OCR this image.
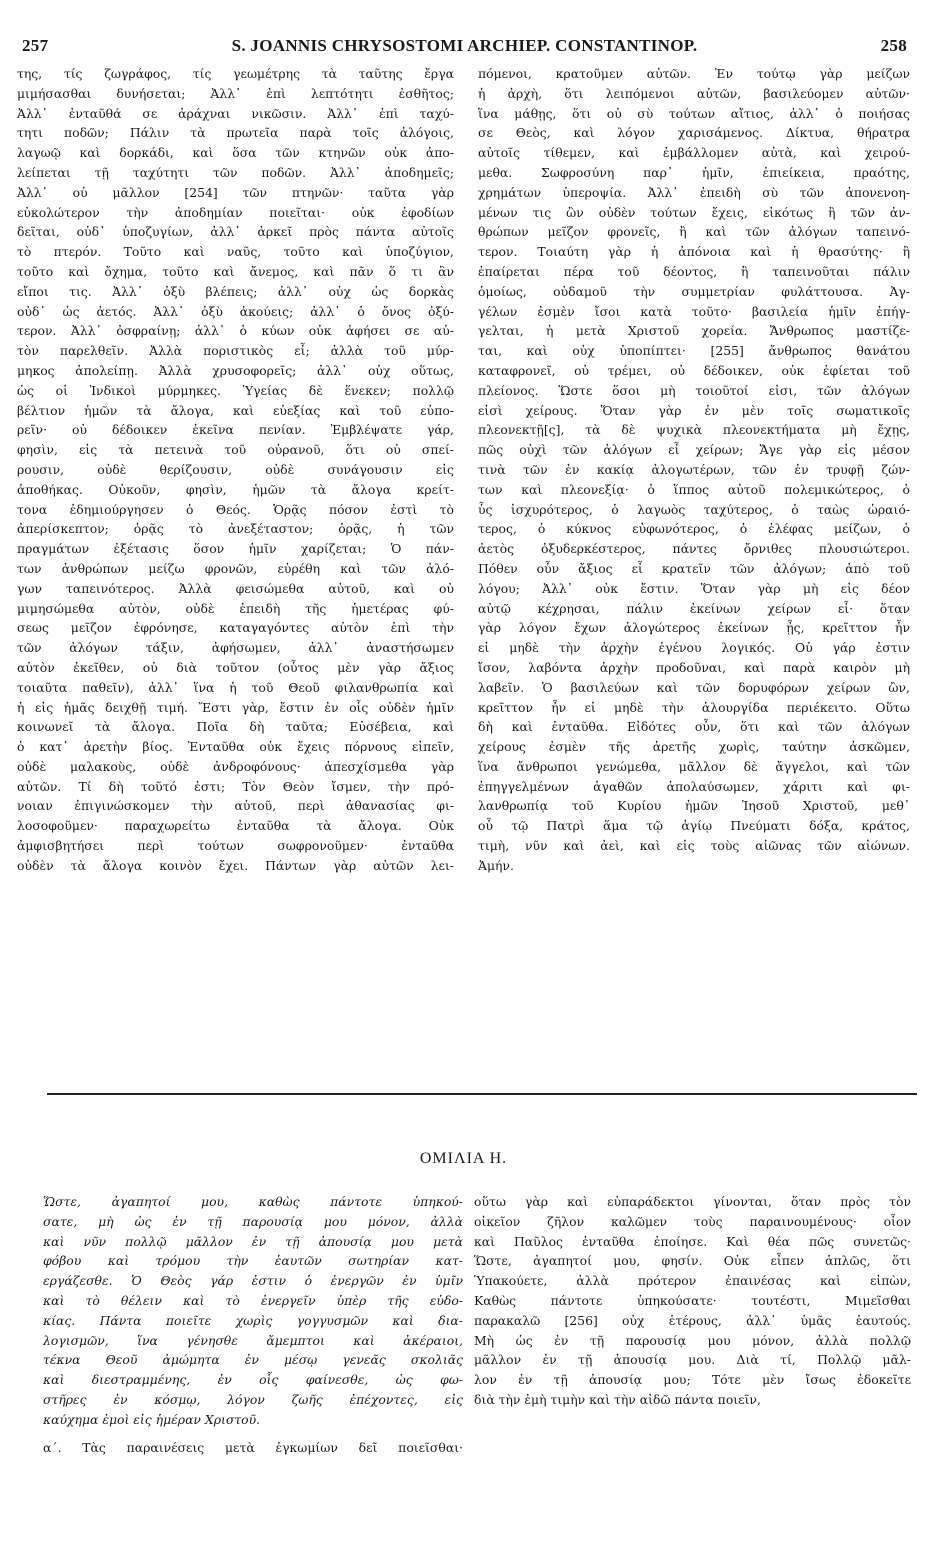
257	S. JOANNIS CHRYSOSTOMI ARCHIEP. CONSTANTINOP.	258
της, τίς ζωγράφος, τίς γεωμέτρης τὰ ταῦτης ἔργα
μιμήσασθαι δυνήσεται; Ἀλλ᾽ ἐπὶ λεπτότητι ἐσθῆτος;
Ἀλλ᾽ ἐνταῦθά σε ἀράχναι νικῶσιν. Ἀλλ᾽ ἐπὶ ταχύ-
τητι ποδῶν; Πάλιν τὰ πρωτεῖα παρὰ τοῖς ἀλόγοις,
λαγωῷ καὶ δορκάδι, καὶ ὅσα τῶν κτηνῶν οὐκ ἀπο-
λείπεται τῇ ταχύτητι τῶν ποδῶν. Ἀλλ᾽ ἀποδημεῖς;
Ἀλλ᾽ οὐ μᾶλλον [254] τῶν πτηνῶν· ταῦτα γὰρ
εὐκολώτερον τὴν ἀποδημίαν ποιεῖται· οὐκ ἐφοδίων
δεῖται, οὐδ᾽ ὑποζυγίων, ἀλλ᾽ ἀρκεῖ πρὸς πάντα αὐτοῖς
τὸ πτερόν. Τοῦτο καὶ ναῦς, τοῦτο καὶ ὑποζύγιον,
τοῦτο καὶ ὄχημα, τοῦτο καὶ ἄνεμος, καὶ πᾶν ὅ τι ἂν
εἴποι τις. Ἀλλ᾽ ὀξὺ βλέπεις; ἀλλ᾽ οὐχ ὡς δορκὰς
οὐδ᾽ ὡς ἀετός. Ἀλλ᾽ ὀξὺ ἀκούεις; ἀλλ᾽ ὁ ὄνος ὀξύ-
τερον. Ἀλλ᾽ ὀσφραίνῃ; ἀλλ᾽ ὁ κύων οὐκ ἀφήσει σε αὐ-
τὸν παρελθεῖν. Ἀλλὰ ποριστικὸς εἶ; ἀλλὰ τοῦ μύρ-
μηκος ἀπολείπῃ. Ἀλλὰ χρυσοφορεῖς; ἀλλ᾽ οὐχ οὕτως,
ὡς οἱ Ἰνδικοὶ μύρμηκες. Ὑγείας δὲ ἕνεκεν; πολλῷ
βέλτιον ἡμῶν τὰ ἄλογα, καὶ εὐεξίας καὶ τοῦ εὐπο-
ρεῖν· οὐ δέδοικεν ἐκεῖνα πενίαν. Ἐμβλέψατε γάρ,
φησὶν, εἰς τὰ πετεινὰ τοῦ οὐρανοῦ, ὅτι οὐ σπεί-
ρουσιν, οὐδὲ θερίζουσιν, οὐδὲ συνάγουσιν εἰς
ἀποθήκας. Οὐκοῦν, φησὶν, ἡμῶν τὰ ἄλογα κρείτ-
τονα ἐδημιούργησεν ὁ Θεός. Ὁρᾷς πόσον ἐστὶ τὸ
ἀπερίσκεπτον; ὁρᾷς τὸ ἀνεξέταστον; ὁρᾷς, ἡ τῶν
πραγμάτων ἐξέτασις ὅσον ἡμῖν χαρίζεται; Ὁ πάν-
των ἀνθρώπων μείζω φρονῶν, εὑρέθη καὶ τῶν ἀλό-
γων ταπεινότερος. Ἀλλὰ φεισώμεθα αὐτοῦ, καὶ οὐ
μιμησώμεθα αὐτὸν, οὐδὲ ἐπειδὴ τῆς ἡμετέρας φύ-
σεως μεῖζον ἐφρόνησε, καταγαγόντες αὐτὸν ἐπὶ τὴν
τῶν ἀλόγων τάξιν, ἀφήσωμεν, ἀλλ᾽ ἀναστήσωμεν
αὐτὸν ἐκεῖθεν, οὐ διὰ τοῦτον (οὗτος μὲν γὰρ ἄξιος
τοιαῦτα παθεῖν), ἀλλ᾽ ἵνα ἡ τοῦ Θεοῦ φιλανθρωπία καὶ
ἡ εἰς ἡμᾶς δειχθῇ τιμή. Ἔστι γὰρ, ἔστιν ἐν οἷς οὐδὲν ἡμῖν
κοινωνεῖ τὰ ἄλογα. Ποῖα δὴ ταῦτα; Εὐσέβεια, καὶ
ὁ κατ᾽ ἀρετὴν βίος. Ἐνταῦθα οὐκ ἔχεις πόρνους εἰπεῖν,
οὐδὲ μαλακοὺς, οὐδὲ ἀνδροφόνους· ἀπεσχίσμεθα γὰρ
αὐτῶν. Τί δὴ τοῦτό ἐστι; Τὸν Θεὸν ἴσμεν, τὴν πρό-
νοιαν ἐπιγινώσκομεν τὴν αὐτοῦ, περὶ ἀθανασίας φι-
λοσοφοῦμεν· παραχωρείτω ἐνταῦθα τὰ ἄλογα. Οὐκ
ἀμφισβητήσει περὶ τούτων σωφρονοῦμεν· ἐνταῦθα
οὐδὲν τὰ ἄλογα κοινὸν ἔχει. Πάντων γὰρ αὐτῶν λει-
πόμενοι, κρατοῦμεν αὐτῶν. Ἐν τούτῳ γὰρ μείζων
ἡ ἀρχὴ, ὅτι λειπόμενοι αὐτῶν, βασιλεύομεν αὐτῶν·
ἵνα μάθῃς, ὅτι οὐ σὺ τούτων αἴτιος, ἀλλ᾽ ὁ ποιήσας
σε Θεὸς, καὶ λόγον χαρισάμενος. Δίκτυα, θήρατρα
αὐτοῖς τίθεμεν, καὶ ἐμβάλλομεν αὐτὰ, καὶ χειρού-
μεθα. Σωφροσύνη παρ᾽ ἡμῖν, ἐπιείκεια, πραότης,
χρημάτων ὑπεροψία. Ἀλλ᾽ ἐπειδὴ σὺ τῶν ἀπονενοη-
μένων τις ὢν οὐδὲν τούτων ἔχεις, εἰκότως ἢ τῶν ἀν-
θρώπων μεῖζον φρονεῖς, ἢ καὶ τῶν ἀλόγων ταπεινό-
τερον. Τοιαύτη γὰρ ἡ ἀπόνοια καὶ ἡ θρασύτης· ἢ
ἐπαίρεται πέρα τοῦ δέοντος, ἢ ταπεινοῦται πάλιν
ὁμοίως, οὐδαμοῦ τὴν συμμετρίαν φυλάττουσα. Ἀγ-
γέλων ἐσμὲν ἴσοι κατὰ τοῦτο· βασιλεία ἡμῖν ἐπήγ-
γελται, ἡ μετὰ Χριστοῦ χορεία. Ἄνθρωπος μαστίζε-
ται, καὶ οὐχ ὑποπίπτει· [255] ἄνθρωπος θανάτου
καταφρονεῖ, οὐ τρέμει, οὐ δέδοικεν, οὐκ ἐφίεται τοῦ
πλείονος. Ὥστε ὅσοι μὴ τοιοῦτοί εἰσι, τῶν ἀλόγων
εἰσὶ χείρους. Ὅταν γὰρ ἐν μὲν τοῖς σωματικοῖς
πλεονεκτῇ[ς], τὰ δὲ ψυχικὰ πλεονεκτήματα μὴ ἔχῃς,
πῶς οὐχὶ τῶν ἀλόγων εἶ χείρων; Ἄγε γὰρ εἰς μέσον
τινὰ τῶν ἐν κακίᾳ ἀλογωτέρων, τῶν ἐν τρυφῇ ζών-
των καὶ πλεονεξίᾳ· ὁ ἵππος αὐτοῦ πολεμικώτερος, ὁ
ὗς ἰσχυρότερος, ὁ λαγωὸς ταχύτερος, ὁ ταὼς ὡραιό-
τερος, ὁ κύκνος εὐφωνότερος, ὁ ἐλέφας μείζων, ὁ
ἀετὸς ὀξυδερκέστερος, πάντες ὄρνιθες πλουσιώτεροι.
Πόθεν οὖν ἄξιος εἶ κρατεῖν τῶν ἀλόγων; ἀπὸ τοῦ
λόγου; Ἀλλ᾽ οὐκ ἔστιν. Ὅταν γὰρ μὴ εἰς δέον
αὐτῷ κέχρησαι, πάλιν ἐκείνων χείρων εἶ· ὅταν
γὰρ λόγον ἔχων ἀλογώτερος ἐκείνων ᾖς, κρεῖττον ἦν
εἰ μηδὲ τὴν ἀρχὴν ἐγένου λογικός. Οὐ γάρ ἐστιν
ἴσον, λαβόντα ἀρχὴν προδοῦναι, καὶ παρὰ καιρὸν μὴ
λαβεῖν. Ὁ βασιλεύων καὶ τῶν δορυφόρων χείρων ὢν,
κρεῖττον ἦν εἰ μηδὲ τὴν ἁλουργίδα περιέκειτο. Οὕτω
δὴ καὶ ἐνταῦθα. Εἰδότες οὖν, ὅτι καὶ τῶν ἀλόγων
χείρους ἐσμὲν τῆς ἀρετῆς χωρὶς, ταύτην ἀσκῶμεν,
ἵνα ἄνθρωποι γενώμεθα, μᾶλλον δὲ ἄγγελοι, καὶ τῶν
ἐπηγγελμένων ἀγαθῶν ἀπολαύσωμεν, χάριτι καὶ φι-
λανθρωπίᾳ τοῦ Κυρίου ἡμῶν Ἰησοῦ Χριστοῦ, μεθ᾽
οὗ τῷ Πατρὶ ἅμα τῷ ἁγίῳ Πνεύματι δόξα, κράτος,
τιμὴ, νῦν καὶ ἀεὶ, καὶ εἰς τοὺς αἰῶνας τῶν αἰώνων.
Ἀμήν.
ΟΜΙΛΙΑ Η.
Ὥστε, ἀγαπητοί μου, καθὼς πάντοτε ὑπηκού-
σατε, μὴ ὡς ἐν τῇ παρουσίᾳ μου μόνον, ἀλλὰ
καὶ νῦν πολλῷ μᾶλλον ἐν τῇ ἀπουσίᾳ μου μετὰ
φόβου καὶ τρόμου τὴν ἑαυτῶν σωτηρίαν κατ-
εργάζεσθε. Ὁ Θεὸς γάρ ἐστιν ὁ ἐνεργῶν ἐν ὑμῖν
καὶ τὸ θέλειν καὶ τὸ ἐνεργεῖν ὑπὲρ τῆς εὐδο-
κίας. Πάντα ποιεῖτε χωρὶς γογγυσμῶν καὶ δια-
λογισμῶν, ἵνα γένησθε ἄμεμπτοι καὶ ἀκέραιοι,
τέκνα Θεοῦ ἀμώμητα ἐν μέσῳ γενεᾶς σκολιᾶς
καὶ διεστραμμένης, ἐν οἷς φαίνεσθε, ὡς φω-
στῆρες ἐν κόσμῳ, λόγον ζωῆς ἐπέχοντες, εἰς
καύχημα ἐμοὶ εἰς ἡμέραν Χριστοῦ.
α΄. Τὰς παραινέσεις μετὰ ἐγκωμίων δεῖ ποιεῖσθαι·
οὕτω γὰρ καὶ εὐπαράδεκτοι γίνονται, ὅταν πρὸς τὸν
οἰκεῖον ζῆλον καλῶμεν τοὺς παραινουμένους· οἷον
καὶ Παῦλος ἐνταῦθα ἐποίησε. Καὶ θέα πῶς συνετῶς·
Ὥστε, ἀγαπητοί μου, φησίν. Οὐκ εἶπεν ἁπλῶς, ὅτι
Ὑπακούετε, ἀλλὰ πρότερον ἐπαινέσας καὶ εἰπὼν,
Καθὼς πάντοτε ὑπηκούσατε· τουτέστι, Μιμεῖσθαι
παρακαλῶ [256] οὐχ ἑτέρους, ἀλλ᾽ ὑμᾶς ἑαυτούς.
Μὴ ὡς ἐν τῇ παρουσίᾳ μου μόνον, ἀλλὰ πολλῷ
μᾶλλον ἐν τῇ ἀπουσίᾳ μου. Διὰ τί, Πολλῷ μᾶλ-
λον ἐν τῇ ἀπουσίᾳ μου; Τότε μὲν ἴσως ἐδοκεῖτε
διὰ τὴν ἐμὴ τιμὴν καὶ τὴν αἰδῶ πάντα ποιεῖν,
